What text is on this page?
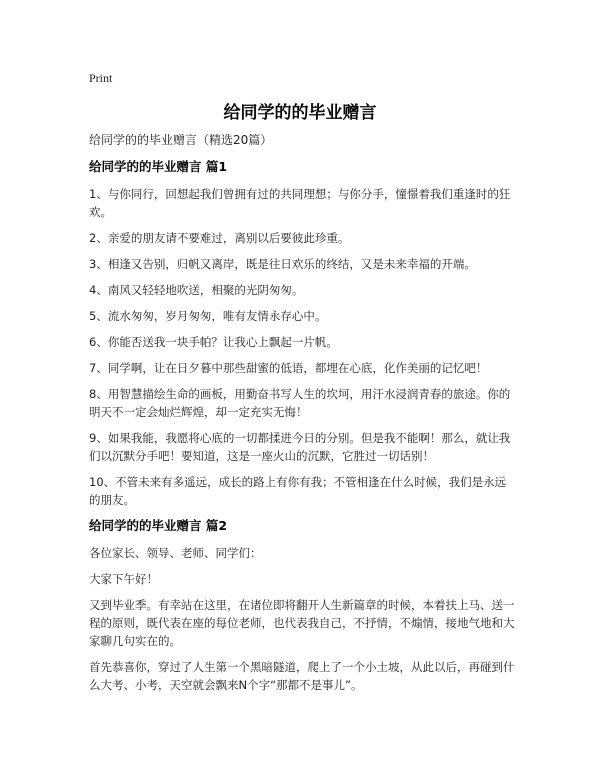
Print
给同学的的毕业赠言

给同学的的毕业赠言（精选20篇）

给同学的的毕业赠言 篇1

1、与你同行，回想起我们曾拥有过的共同理想；与你分手，憧憬着我们重逢时的狂欢。

2、亲爱的朋友请不要难过，离别以后要彼此珍重。

3、相逢又告别，归帆又离岸，既是往日欢乐的终结，又是未来幸福的开端。

4、南风又轻轻地吹送，相聚的光阴匆匆。

5、流水匆匆，岁月匆匆，唯有友情永存心中。

6、你能否送我一块手帕？让我心上飘起一片帆。

7、同学啊，让在日夕暮中那些甜蜜的低语，都埋在心底，化作美丽的记忆吧！

8、用智慧描绘生命的画板，用勤奋书写人生的坎坷，用汗水浸润青春的旅途。你的明天不一定会灿烂辉煌，却一定充实无悔！

9、如果我能，我愿将心底的一切都揉进今日的分别。但是我不能啊！那么，就让我们以沉默分手吧！要知道，这是一座火山的沉默，它胜过一切话别！

10、不管未来有多遥远，成长的路上有你有我；不管相逢在什么时候，我们是永远的朋友。

给同学的的毕业赠言 篇2

各位家长、领导、老师、同学们：

大家下午好！

又到毕业季。有幸站在这里，在诸位即将翻开人生新篇章的时候，本着扶上马、送一程的原则，既代表在座的每位老师，也代表我自己，不抒情，不煽情，接地气地和大家聊几句实在的。

首先恭喜你，穿过了人生第一个黑暗隧道，爬上了一个小土坡，从此以后，再碰到什么大考、小考，天空就会飘来N个字“那都不是事儿”。
